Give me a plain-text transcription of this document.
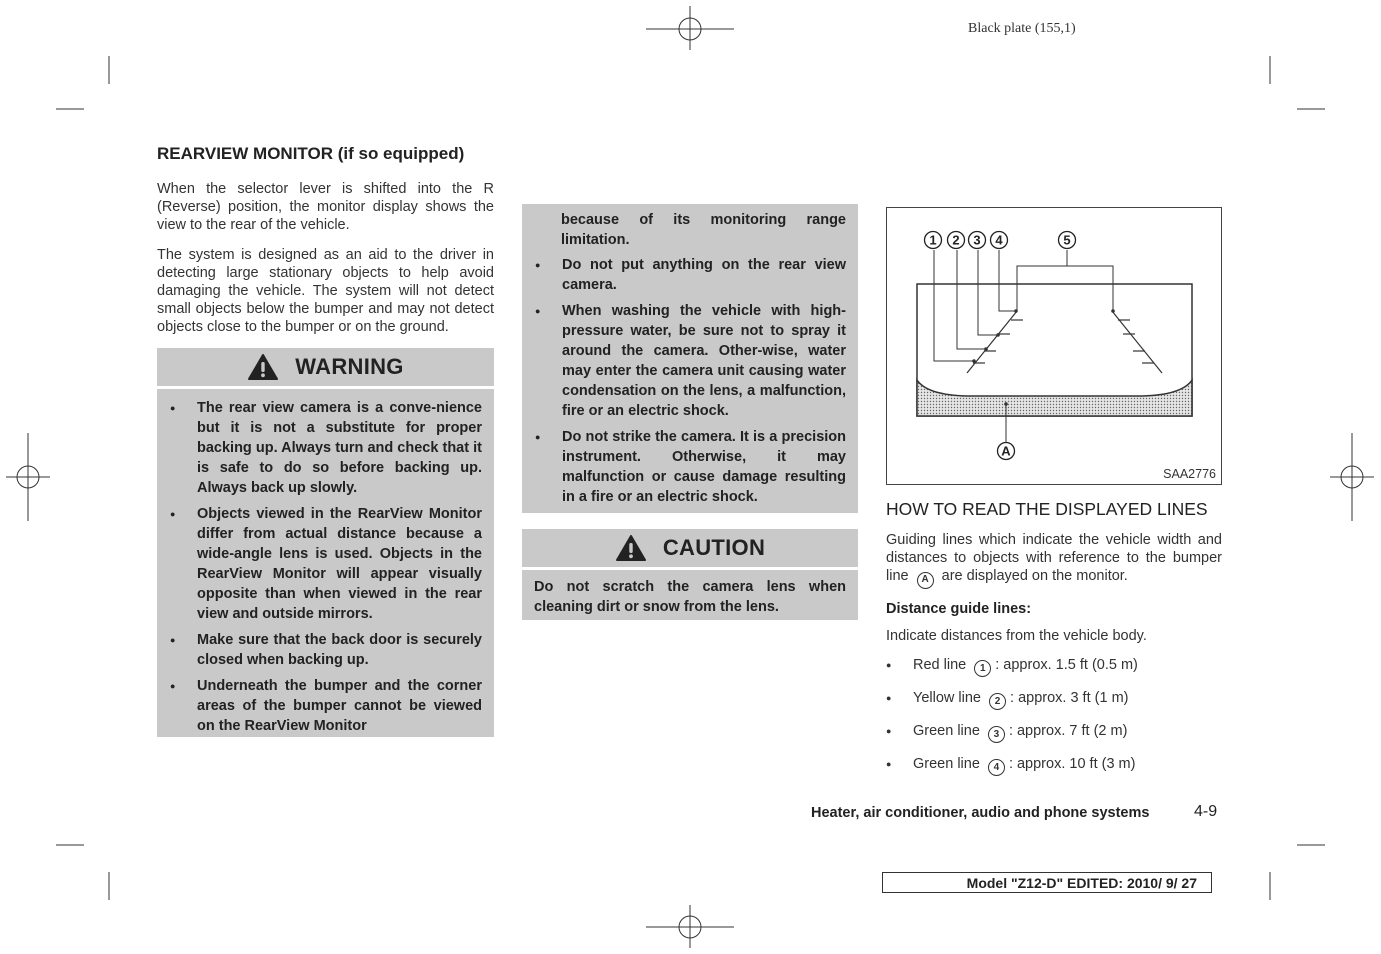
Black plate (155,1)
REARVIEW MONITOR (if so equipped)

When the selector lever is shifted into the R (Reverse) position, the monitor display shows the view to the rear of the vehicle.

The system is designed as an aid to the driver in detecting large stationary objects to help avoid damaging the vehicle. The system will not detect small objects below the bumper and may not detect objects close to the bumper or on the ground.

WARNING
● The rear view camera is a conve-nience but it is not a substitute for proper backing up. Always turn and check that it is safe to do so before backing up. Always back up slowly.
● Objects viewed in the RearView Monitor differ from actual distance because a wide-angle lens is used. Objects in the RearView Monitor will appear visually opposite than when viewed in the rear view and outside mirrors.
● Make sure that the back door is securely closed when backing up.
● Underneath the bumper and the corner areas of the bumper cannot be viewed on the RearView Monitor
because of its monitoring range limitation.
● Do not put anything on the rear view camera.
● When washing the vehicle with high-pressure water, be sure not to spray it around the camera. Other-wise, water may enter the camera unit causing water condensation on the lens, a malfunction, fire or an electric shock.
● Do not strike the camera. It is a precision instrument. Otherwise, it may malfunction or cause damage resulting in a fire or an electric shock.
CAUTION

Do not scratch the camera lens when cleaning dirt or snow from the lens.

1 2 3 4	5
A
SAA2776
HOW TO READ THE DISPLAYED LINES

Guiding lines which indicate the vehicle width and distances to objects with reference to the bumper line A are displayed on the monitor.

Distance guide lines:

Indicate distances from the vehicle body.

● Red line 1 : approx. 1.5 ft (0.5 m)
● Yellow line 2 : approx. 3 ft (1 m)
● Green line 3 : approx. 7 ft (2 m)
● Green line 4 : approx. 10 ft (3 m)
Heater, air conditioner, audio and phone systems	4-9
Model "Z12-D" EDITED: 2010/ 9/ 27
